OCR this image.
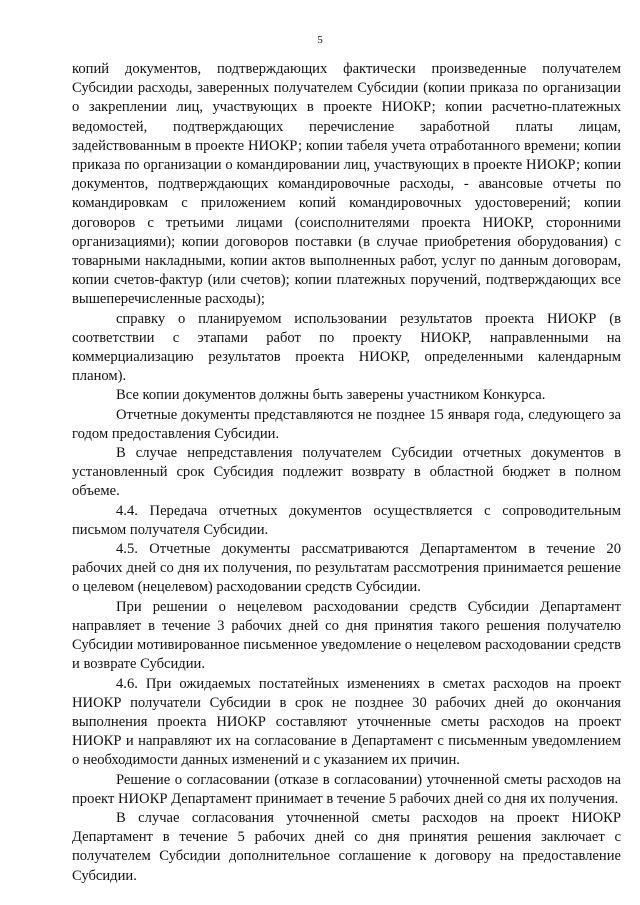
5

копий документов, подтверждающих фактически произведенные получателем Субсидии расходы, заверенных получателем Субсидии (копии приказа по организации о закреплении лиц, участвующих в проекте НИОКР; копии расчетно-платежных ведомостей, подтверждающих перечисление заработной платы лицам, задействованным в проекте НИОКР; копии табеля учета отработанного времени; копии приказа по организации о командировании лиц, участвующих в проекте НИОКР; копии документов, подтверждающих командировочные расходы, - авансовые отчеты по командировкам с приложением копий командировочных удостоверений; копии договоров с третьими лицами (соисполнителями проекта НИОКР, сторонними организациями); копии договоров поставки (в случае приобретения оборудования) с товарными накладными, копии актов выполненных работ, услуг по данным договорам, копии счетов-фактур (или счетов); копии платежных поручений, подтверждающих все вышеперечисленные расходы);

справку о планируемом использовании результатов проекта НИОКР (в соответствии с этапами работ по проекту НИОКР, направленными на коммерциализацию результатов проекта НИОКР, определенными календарным планом).

Все копии документов должны быть заверены участником Конкурса.

Отчетные документы представляются не позднее 15 января года, следующего за годом предоставления Субсидии.

В случае непредставления получателем Субсидии отчетных документов в установленный срок Субсидия подлежит возврату в областной бюджет в полном объеме.

4.4. Передача отчетных документов осуществляется с сопроводительным письмом получателя Субсидии.

4.5. Отчетные документы рассматриваются Департаментом в течение 20 рабочих дней со дня их получения, по результатам рассмотрения принимается решение о целевом (нецелевом) расходовании средств Субсидии.

При решении о нецелевом расходовании средств Субсидии Департамент направляет в течение 3 рабочих дней со дня принятия такого решения получателю Субсидии мотивированное письменное уведомление о нецелевом расходовании средств и возврате Субсидии.

4.6. При ожидаемых постатейных изменениях в сметах расходов на проект НИОКР получатели Субсидии в срок не позднее 30 рабочих дней до окончания выполнения проекта НИОКР составляют уточненные сметы расходов на проект НИОКР и направляют их на согласование в Департамент с письменным уведомлением о необходимости данных изменений и с указанием их причин.

Решение о согласовании (отказе в согласовании) уточненной сметы расходов на проект НИОКР Департамент принимает в течение 5 рабочих дней со дня их получения.

В случае согласования уточненной сметы расходов на проект НИОКР Департамент в течение 5 рабочих дней со дня принятия решения заключает с получателем Субсидии дополнительное соглашение к договору на предоставление Субсидии.
